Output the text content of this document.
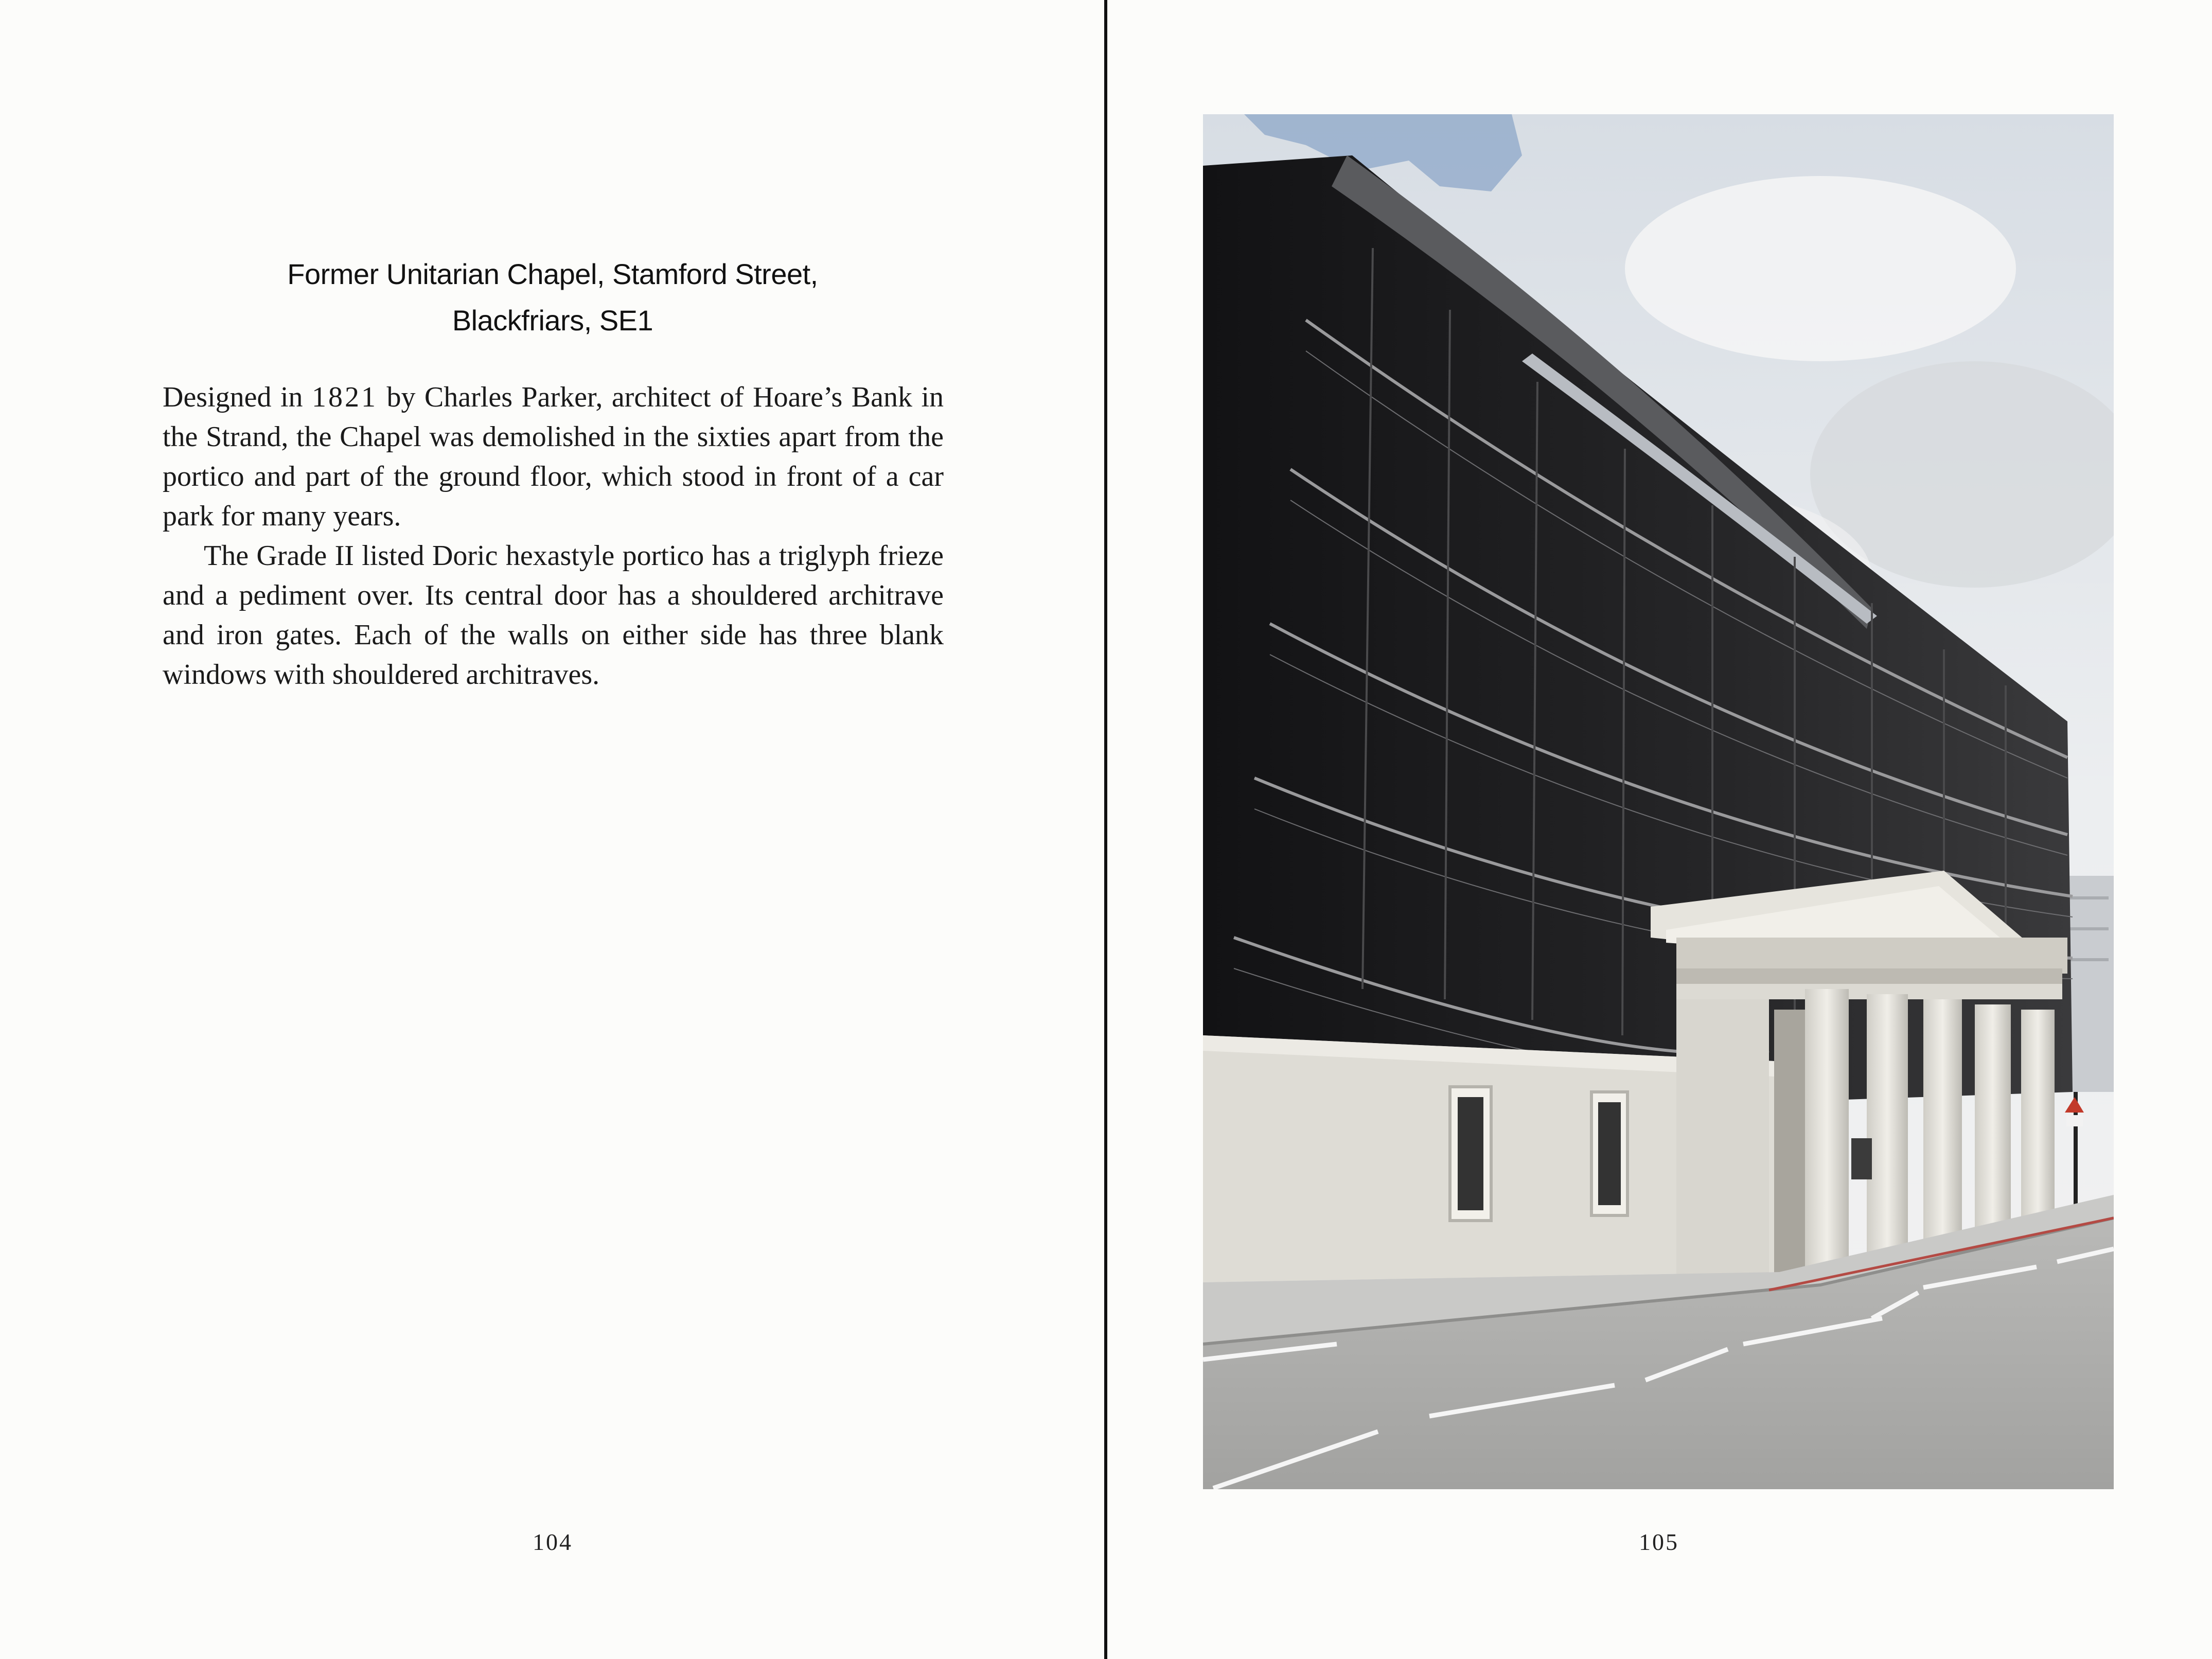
Former Unitarian Chapel, Stamford Street,
Blackfriars, SE1

Designed in 1821 by Charles Parker, architect of Hoare’s Bank in the Strand, the Chapel was demolished in the sixties apart from the portico and part of the ground floor, which stood in front of a car park for many years.

The Grade II listed Doric hexastyle portico has a triglyph frieze and a pediment over. Its central door has a shouldered architrave and iron gates. Each of the walls on either side has three blank windows with shouldered architraves.

104	105
